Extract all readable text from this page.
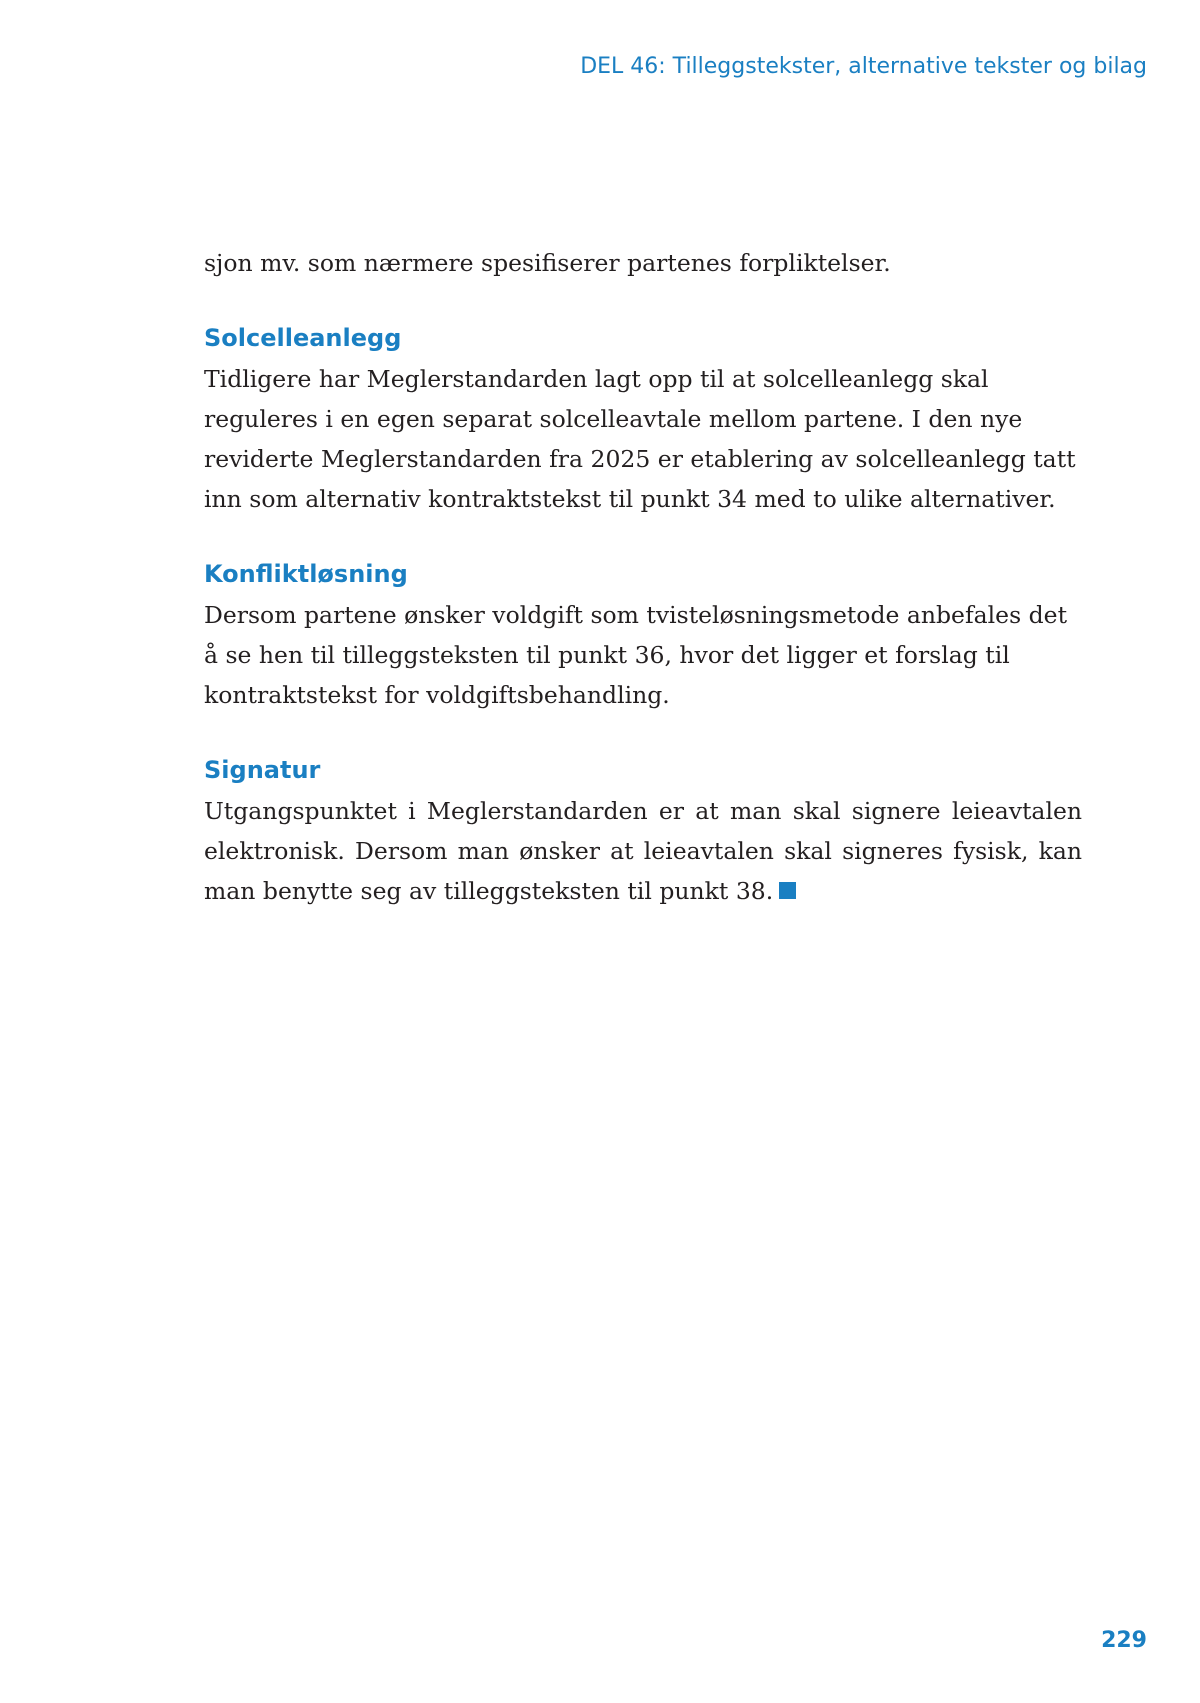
DEL 46: Tilleggstekster, alternative tekster og bilag

sjon mv. som nærmere spesifiserer partenes forpliktelser.

Solcelleanlegg

Tidligere har Meglerstandarden lagt opp til at solcelleanlegg skal reguleres i en egen separat solcelleavtale mellom partene. I den nye reviderte Meglerstandarden fra 2025 er etablering av solcelleanlegg tatt inn som alternativ kontraktstekst til punkt 34 med to ulike alternativer.

Konfliktløsning

Dersom partene ønsker voldgift som tvisteløsningsmetode anbefales det å se hen til tilleggsteksten til punkt 36, hvor det ligger et forslag til kontraktstekst for voldgiftsbehandling.

Signatur

Utgangspunktet i Meglerstandarden er at man skal signere leieavtalen elektronisk. Dersom man ønsker at leieavtalen skal signeres fysisk, kan man benytte seg av tilleggsteksten til punkt 38.

229
